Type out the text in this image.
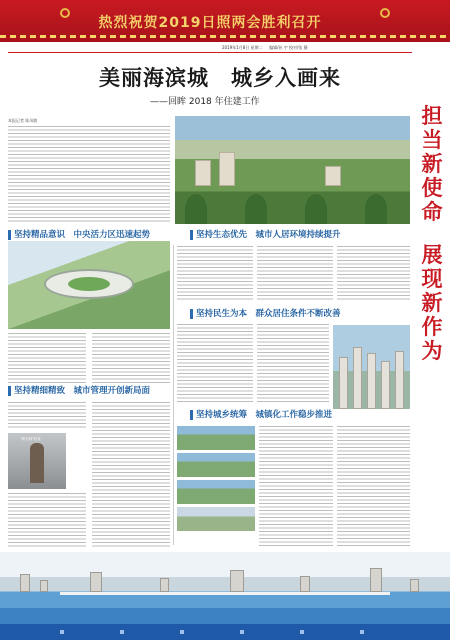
热烈祝贺2019日照两会胜利召开
2019年1月8日 星期二 　 编辑/孙 宇 校对/张 静
美丽海滨城　城乡入画来
——回眸 2018 年住建工作
担
当
新
使
命
展
现
新
作
为
本报记者 陈凤敏
坚持精品意识　中央活力区迅速起势	坚持生态优先　城市人居环境持续提升
坚持民生为本　群众居住条件不断改善
坚持精细精致　城市管理开创新局面
"街长制"检查
坚持城乡统筹　城镇化工作稳步推进
